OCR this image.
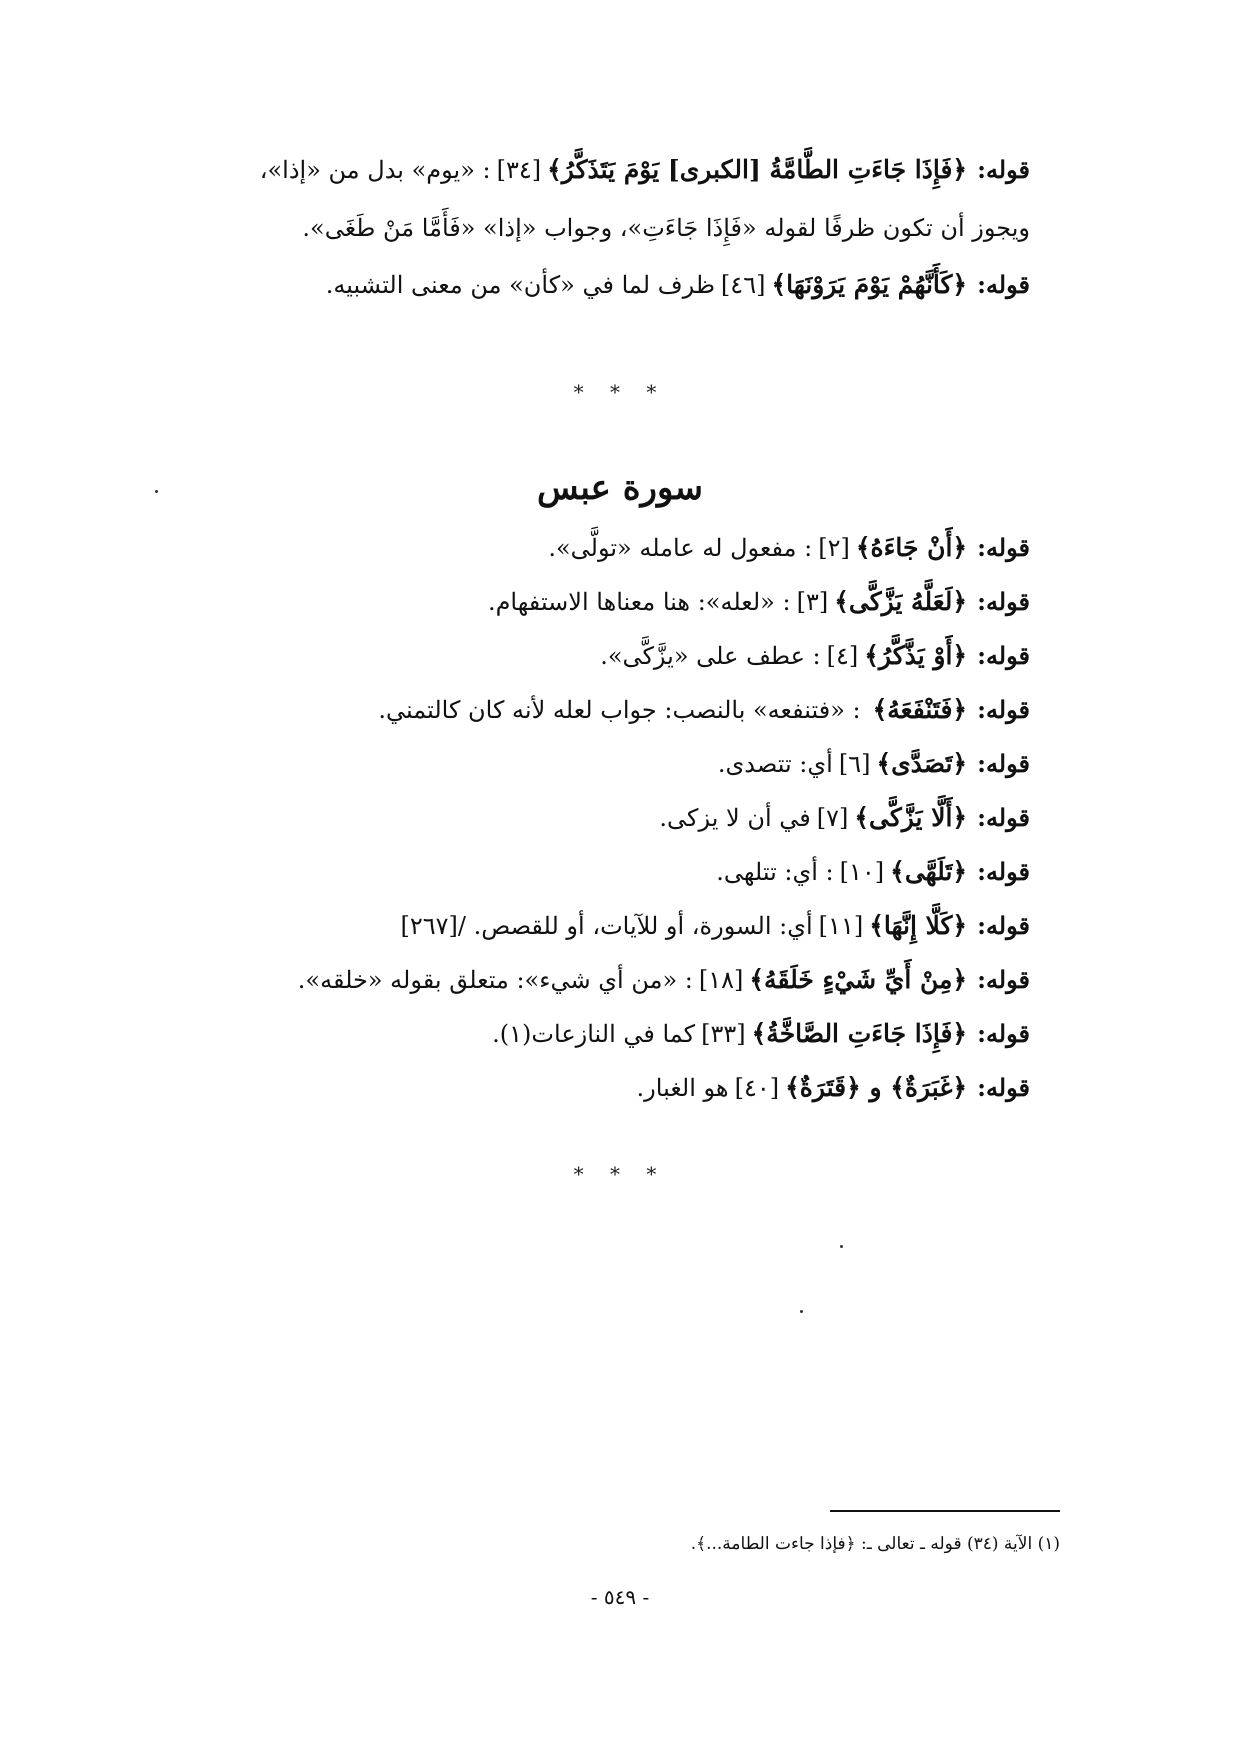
قوله:﴿فَإِذَا جَاءَتِ الطَّامَّةُ [الكبرى] يَوْمَ يَتَذَكَّرُ﴾[٣٤]: «يوم» بدل من «إذا»،
ويجوز أن تكون ظرفًا لقوله «فَإِذَا جَاءَتِ»، وجواب «إذا» «فَأَمَّا مَنْ طَغَى».
قوله:﴿كَأَنَّهُمْ يَوْمَ يَرَوْنَهَا﴾[٤٦]ظرف لما في «كأن» من معنى التشبيه.
* * *
سورة عبس
قوله:﴿أَنْ جَاءَهُ﴾[٢]: مفعول له عامله «تولَّى».
قوله:﴿لَعَلَّهُ يَزَّكَّى﴾[٣]: «لعله»: هنا معناها الاستفهام.
قوله:﴿أَوْ يَذَّكَّرُ﴾[٤]: عطف على «يزَّكَّى».
قوله:﴿فَتَنْفَعَهُ﴾: «فتنفعه» بالنصب: جواب لعله لأنه كان كالتمني.
قوله:﴿تَصَدَّى﴾[٦]أي: تتصدى.
قوله:﴿أَلَّا يَزَّكَّى﴾[٧]في أن لا يزكى.
قوله:﴿تَلَهَّى﴾[١٠]: أي: تتلهى.
قوله:﴿كَلَّا إِنَّهَا﴾[١١]أي: السورة، أو للآيات، أو للقصص. /[٢٦٧]
قوله:﴿مِنْ أَيِّ شَيْءٍ خَلَقَهُ﴾[١٨]: «من أي شيء»: متعلق بقوله «خلقه».
قوله:﴿فَإِذَا جَاءَتِ الصَّاخَّةُ﴾[٣٣]كما في النازعات(١).
قوله:﴿غَبَرَةٌ﴾ و ﴿قَتَرَةٌ﴾[٤٠]هو الغبار.
* * *
(١) الآية (٣٤) قوله ـ تعالى ـ: ﴿فإذا جاءت الطامة...﴾.
- ٥٤٩ -
